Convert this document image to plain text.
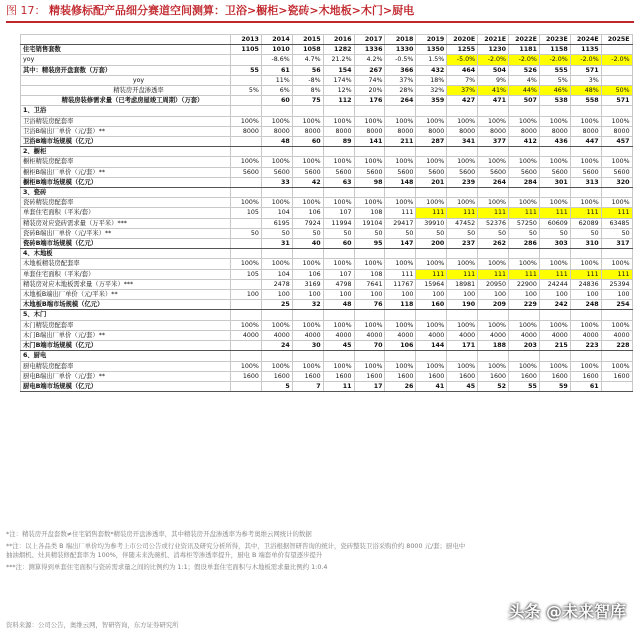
图 17： 精装修标配产品细分赛道空间测算：卫浴>橱柜>瓷砖>木地板>木门>厨电
	2013	2014	2015	2016	2017	2018	2019	2020E	2021E	2022E	2023E	2024E	2025E
住宅销售套数	1105	1010	1058	1282	1336	1330	1350	1255	1230	1181	1158	1135	
yoy		-8.6%	4.7%	21.2%	4.2%	-0.5%	1.5%	-5.0%	-2.0%	-2.0%	-2.0%	-2.0%	-2.0%
其中：精装房开盘套数（万套）	55	61	56	154	267	366	432	464	504	526	555	571	
yoy		11%	-8%	174%	74%	37%	18%	7%	9%	4%	5%	3%	
精装房开盘渗透率	5%	6%	8%	12%	20%	28%	32%	37%	41%	44%	46%	48%	50%
精装房装修需求量（已考虑房屋竣工周期）（万套）		60	75	112	176	264	359	427	471	507	538	558	571
1、卫浴													
卫浴精装房配套率	100%	100%	100%	100%	100%	100%	100%	100%	100%	100%	100%	100%	100%
卫浴B端出厂单价（元/套）**	8000	8000	8000	8000	8000	8000	8000	8000	8000	8000	8000	8000	8000
卫浴B端市场规模（亿元）		48	60	89	141	211	287	341	377	412	436	447	457
2、橱柜													
橱柜精装房配套率	100%	100%	100%	100%	100%	100%	100%	100%	100%	100%	100%	100%	100%
橱柜B端出厂单价（元/套）**	5600	5600	5600	5600	5600	5600	5600	5600	5600	5600	5600	5600	5600
橱柜B端市场规模（亿元）		33	42	63	98	148	201	239	264	284	301	313	320
3、瓷砖													
瓷砖精装房配套率	100%	100%	100%	100%	100%	100%	100%	100%	100%	100%	100%	100%	100%
单套住宅面积（平米/套）	105	104	106	107	108	111	111	111	111	111	111	111	111
精装房对应瓷砖需求量（万平米）***		6195	7924	11994	19104	29417	39910	47452	52376	57250	60609	62089	63485
瓷砖B端出厂单价（元/平米）**	50	50	50	50	50	50	50	50	50	50	50	50	50
瓷砖B端市场规模（亿元）		31	40	60	95	147	200	237	262	286	303	310	317
4、木地板													
木地板精装房配套率	100%	100%	100%	100%	100%	100%	100%	100%	100%	100%	100%	100%	100%
单套住宅面积（平米/套）	105	104	106	107	108	111	111	111	111	111	111	111	111
精装房对应木地板需求量（万平米）***		2478	3169	4798	7641	11767	15964	18981	20950	22900	24244	24836	25394
木地板B端出厂单价（元/平米）**	100	100	100	100	100	100	100	100	100	100	100	100	100
木地板B端市场规模（亿元）		25	32	48	76	118	160	190	209	229	242	248	254
5、木门													
木门精装房配套率	100%	100%	100%	100%	100%	100%	100%	100%	100%	100%	100%	100%	100%
木门B端出厂单价（元/套）**	4000	4000	4000	4000	4000	4000	4000	4000	4000	4000	4000	4000	4000
木门B端市场规模（亿元）		24	30	45	70	106	144	171	188	203	215	223	228
6、厨电													
厨电精装房配套率	100%	100%	100%	100%	100%	100%	100%	100%	100%	100%	100%	100%	100%
厨电B端出厂单价（元/套）**	1600	1600	1600	1600	1600	1600	1600	1600	1600	1600	1600	1600	1600
厨电B端市场规模（亿元）		5	7	11	17	26	41	45	52	55	59	61	

*注：精装房开盘套数≠住宅销售套数*精装房开盘渗透率，其中精装房开盘渗透率为参考奥维云网统计的数据

**注：以上各品类 B 端出厂单价均为参考上市公司公告或行业资讯及研究分析所得，其中，卫浴根据智研咨询的统计，瓷砖整装卫浴采购价约 8000 元/套；厨电中

抽油烟机、灶具精装修配套率为 100%，伴随未来洗碗机、消毒柜等渗透率提升，厨电 B 端套单价有望逐步提升

***注：测算得到单套住宅面积与瓷砖需求量之间的比例约为 1:1；假设单套住宅面积与木地板需求量比例约 1:0.4

资料来源：公司公告，奥维云网，智研咨询，东方证券研究所
头条 @未来智库
